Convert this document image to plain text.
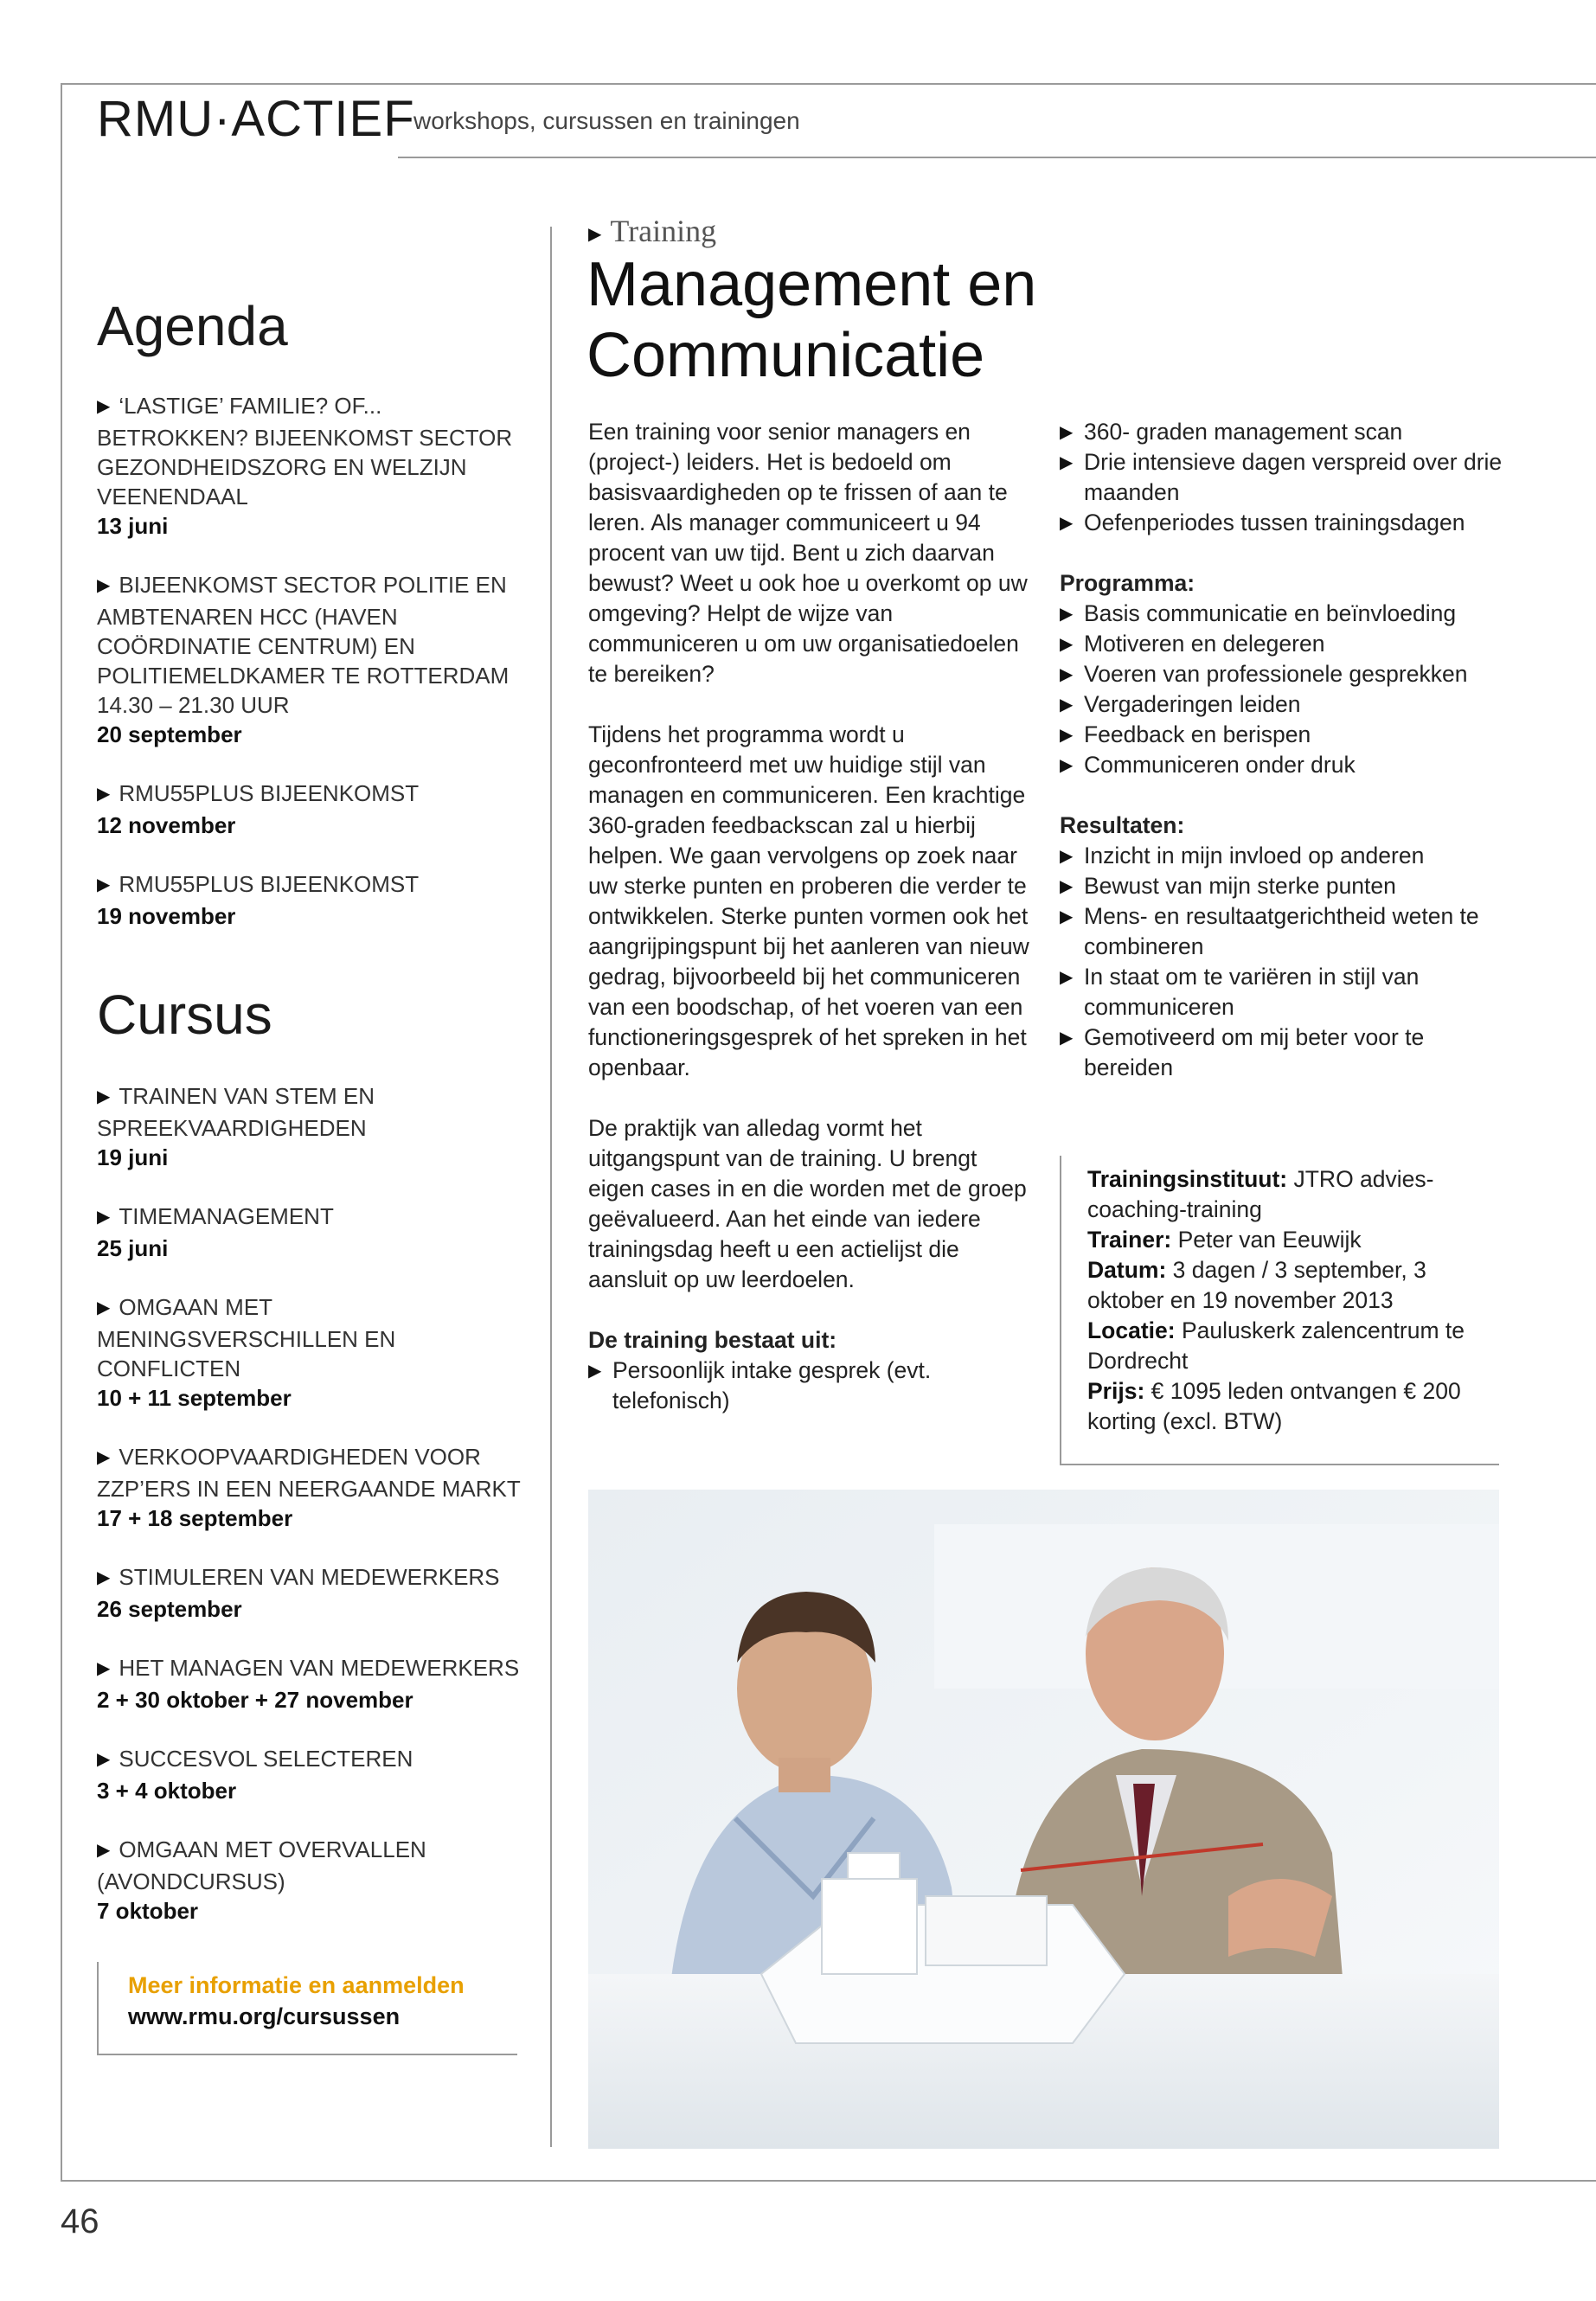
RMU·ACTIEF
workshops, cursussen en trainingen
Agenda
▶ ‘LASTIGE’ FAMILIE? OF... BETROKKEN? BIJEENKOMST SECTOR GEZONDHEIDSZORG EN WELZIJN VEENENDAAL
13 juni
▶ BIJEENKOMST SECTOR POLITIE EN AMBTENAREN HCC (HAVEN COÖRDINATIE CENTRUM) EN POLITIEMELDKAMER TE ROTTERDAM 14.30 – 21.30 UUR
20 september
▶ RMU55PLUS BIJEENKOMST
12 november
▶ RMU55PLUS BIJEENKOMST
19 november
Cursus
▶ TRAINEN VAN STEM EN SPREEKVAARDIGHEDEN
19 juni
▶ TIMEMANAGEMENT
25 juni
▶ OMGAAN MET MENINGSVERSCHILLEN EN CONFLICTEN
10 + 11 september
▶ VERKOOPVAARDIGHEDEN VOOR ZZP’ERS IN EEN NEERGAANDE MARKT
17 + 18 september
▶ STIMULEREN VAN MEDEWERKERS
26 september
▶ HET MANAGEN VAN MEDEWERKERS
2 + 30 oktober + 27 november
▶ SUCCESVOL SELECTEREN
3 + 4 oktober
▶ OMGAAN MET OVERVALLEN (AVONDCURSUS)
7 oktober
Meer informatie en aanmelden
www.rmu.org/cursussen
▶ Training
Management en
Communicatie

Een training voor senior managers en (project-) leiders. Het is bedoeld om basisvaardigheden op te frissen of aan te leren. Als manager communiceert u 94 procent van uw tijd. Bent u zich daarvan bewust? Weet u ook hoe u overkomt op uw omgeving? Helpt de wijze van communiceren u om uw organisatiedoelen te bereiken?

Tijdens het programma wordt u geconfronteerd met uw huidige stijl van managen en communiceren. Een krachtige 360-graden feedbackscan zal u hierbij helpen. We gaan vervolgens op zoek naar uw sterke punten en proberen die verder te ontwikkelen. Sterke punten vormen ook het aangrijpingspunt bij het aanleren van nieuw gedrag, bijvoorbeeld bij het communiceren van een boodschap, of het voeren van een functioneringsgesprek of het spreken in het openbaar.

De praktijk van alledag vormt het uitgangspunt van de training. U brengt eigen cases in en die worden met de groep geëvalueerd. Aan het einde van iedere trainingsdag heeft u een actielijst die aansluit op uw leerdoelen.

De training bestaat uit:

▶ Persoonlijk intake gesprek (evt. telefonisch)

▶ 360- graden management scan

▶ Drie intensieve dagen verspreid over drie maanden

▶ Oefenperiodes tussen trainingsdagen

Programma:

▶ Basis communicatie en beïnvloeding

▶ Motiveren en delegeren

▶ Voeren van professionele gesprekken

▶ Vergaderingen leiden

▶ Feedback en berispen

▶ Communiceren onder druk

Resultaten:

▶ Inzicht in mijn invloed op anderen

▶ Bewust van mijn sterke punten

▶ Mens- en resultaatgerichtheid weten te combineren

▶ In staat om te variëren in stijl van communiceren

▶ Gemotiveerd om mij beter voor te bereiden

Trainingsinstituut: JTRO advies-coaching-training
Trainer: Peter van Eeuwijk
Datum: 3 dagen / 3 september, 3 oktober en 19 november 2013
Locatie: Pauluskerk zalencentrum te Dordrecht
Prijs: € 1095 leden ontvangen € 200 korting (excl. BTW)
46
